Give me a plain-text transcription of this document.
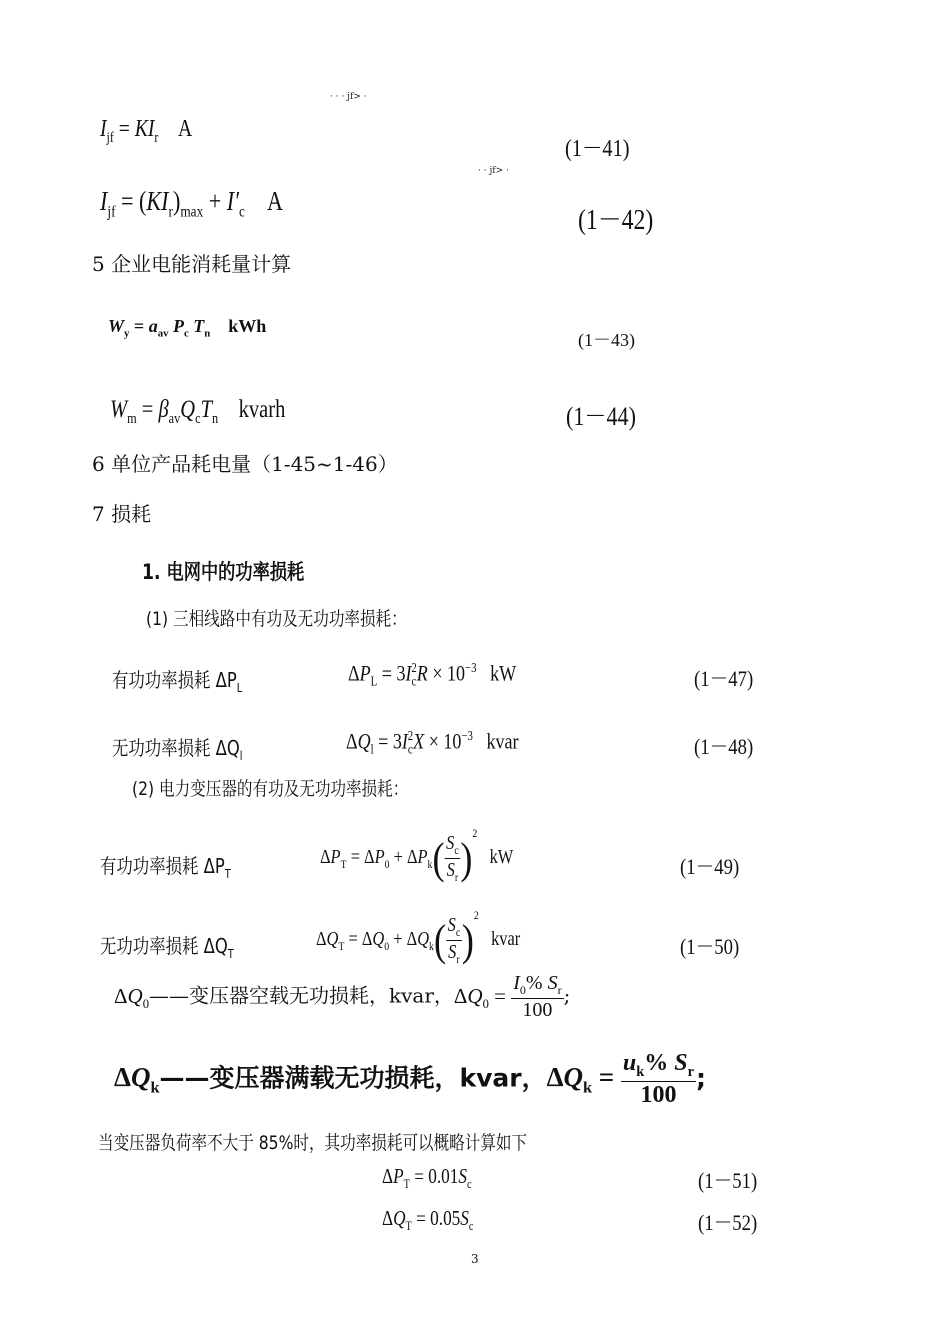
· · · jf> ·
· · jf> ·
$I_{jf} = KI_r$    A
(1－41)
$I_{jf} = (KI_r)_{max} + I'_c$    A
(1－42)
5 企业电能消耗量计算
$W_y = a_{av}$ $P_c$ $T_n$ kWh
(1－43)
$W_m = \beta_{av}Q_cT_n$ kvarh	(1－44)
6 单位产品耗电量（1-45~1-46）
7 损耗
1. 电网中的功率损耗
(1) 三相线路中有功及无功功率损耗：
有功功率损耗 $\Delta P_L$
$\Delta P_L = 3I_c^2R \times 10^{-3}$ kW	(1－47)
无功功率损耗 $\Delta Q_l$
$\Delta Q_l = 3I_c^2X \times 10^{-3}$ kvar	(1－48)
(2) 电力变压器的有功及无功功率损耗：
有功功率损耗 $\Delta P_T$
$\Delta P_T = \Delta P_0 + \Delta P_k( \frac{S_c}{S_r} )^2$   kW	(1－49)
无功功率损耗 $\Delta Q_T$
$\Delta Q_T = \Delta Q_0 + \Delta Q_k( \frac{S_c}{S_r} )^2$   kvar	(1－50)
$\Delta Q_0——$变压器空载无功损耗，kvar，$\Delta Q_0 = \frac{I_0\% S_r}{100}$ ;
$\Delta Q_k——$变压器满载无功损耗，kvar，$\Delta Q_k = \frac{u_k\% S_r}{100}$ ;
当变压器负荷率不大于 85%时，其功率损耗可以概略计算如下
$\Delta P_T = 0.01S_c$	(1－51)
$\Delta Q_T = 0.05S_c$	(1－52)
3
